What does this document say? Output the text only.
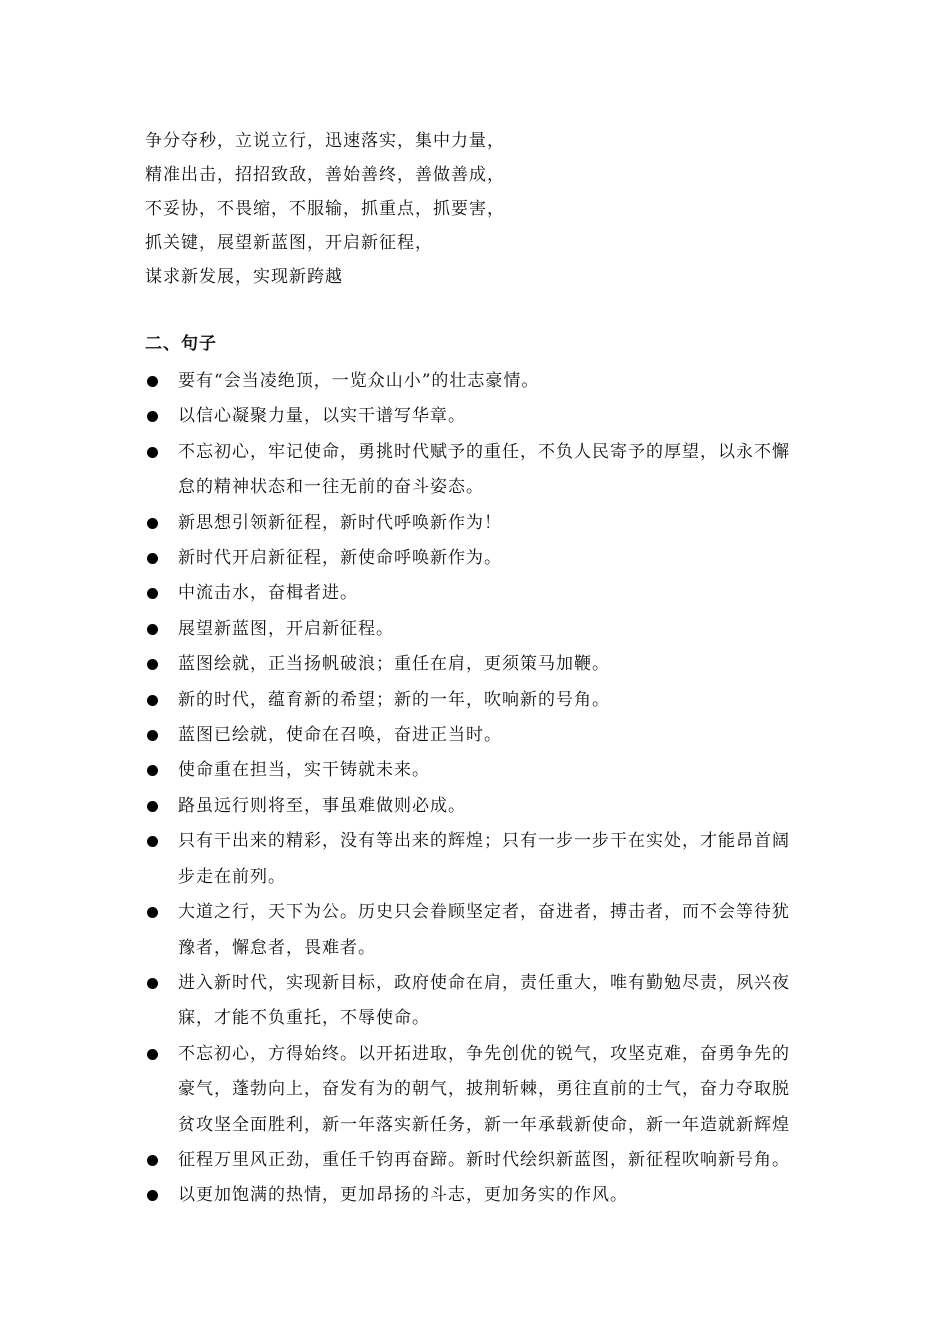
争分夺秒，立说立行，迅速落实，集中力量，
精准出击，招招致敌，善始善终，善做善成，
不妥协，不畏缩，不服输，抓重点，抓要害，
抓关键，展望新蓝图，开启新征程，
谋求新发展，实现新跨越
二、句子
要有“会当凌绝顶，一览众山小”的壮志豪情。
以信心凝聚力量，以实干谱写华章。
不忘初心，牢记使命，勇挑时代赋予的重任，不负人民寄予的厚望，以永不懈
怠的精神状态和一往无前的奋斗姿态。
新思想引领新征程，新时代呼唤新作为！
新时代开启新征程，新使命呼唤新作为。
中流击水，奋楫者进。
展望新蓝图，开启新征程。
蓝图绘就，正当扬帆破浪；重任在肩，更须策马加鞭。
新的时代，蕴育新的希望；新的一年，吹响新的号角。
蓝图已绘就，使命在召唤，奋进正当时。
使命重在担当，实干铸就未来。
路虽远行则将至，事虽难做则必成。
只有干出来的精彩，没有等出来的辉煌；只有一步一步干在实处，才能昂首阔
步走在前列。
大道之行，天下为公。历史只会眷顾坚定者，奋进者，搏击者，而不会等待犹
豫者，懈怠者，畏难者。
进入新时代，实现新目标，政府使命在肩，责任重大，唯有勤勉尽责，夙兴夜
寐，才能不负重托，不辱使命。
不忘初心，方得始终。以开拓进取，争先创优的锐气，攻坚克难，奋勇争先的
豪气，蓬勃向上，奋发有为的朝气，披荆斩棘，勇往直前的士气，奋力夺取脱
贫攻坚全面胜利，新一年落实新任务，新一年承载新使命，新一年造就新辉煌
征程万里风正劲，重任千钧再奋蹄。新时代绘织新蓝图，新征程吹响新号角。
以更加饱满的热情，更加昂扬的斗志，更加务实的作风。
